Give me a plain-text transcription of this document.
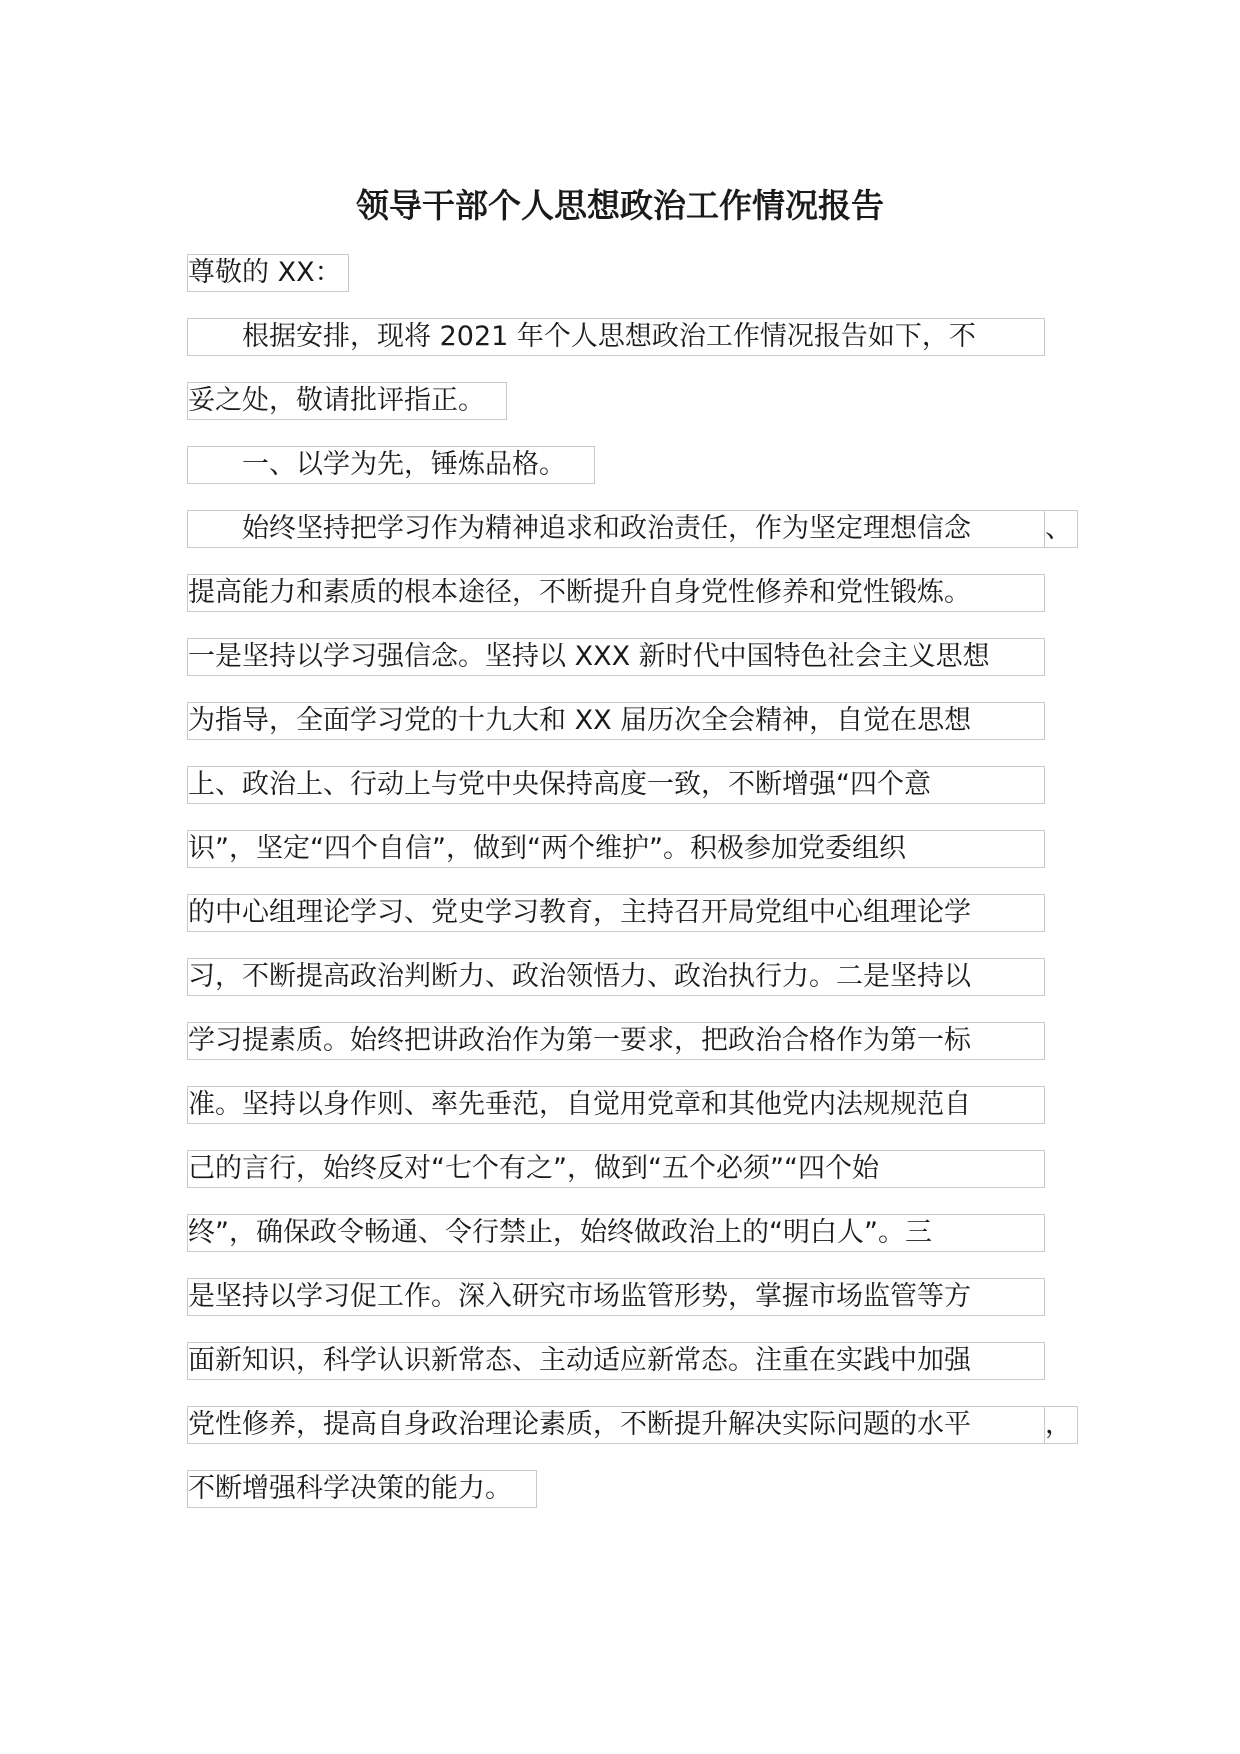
领导干部个人思想政治工作情况报告
尊敬的 XX：
　　根据安排，现将 2021 年个人思想政治工作情况报告如下，不
妥之处，敬请批评指正。
　　一、以学为先，锤炼品格。
　　始终坚持把学习作为精神追求和政治责任，作为坚定理想信念	、
提高能力和素质的根本途径，不断提升自身党性修养和党性锻炼。
一是坚持以学习强信念。坚持以 XXX 新时代中国特色社会主义思想
为指导，全面学习党的十九大和 XX 届历次全会精神，自觉在思想
上、政治上、行动上与党中央保持高度一致，不断增强“四个意
识”，坚定“四个自信”，做到“两个维护”。积极参加党委组织
的中心组理论学习、党史学习教育，主持召开局党组中心组理论学
习，不断提高政治判断力、政治领悟力、政治执行力。二是坚持以
学习提素质。始终把讲政治作为第一要求，把政治合格作为第一标
准。坚持以身作则、率先垂范，自觉用党章和其他党内法规规范自
己的言行，始终反对“七个有之”，做到“五个必须”“四个始
终”，确保政令畅通、令行禁止，始终做政治上的“明白人”。三
是坚持以学习促工作。深入研究市场监管形势，掌握市场监管等方
面新知识，科学认识新常态、主动适应新常态。注重在实践中加强
党性修养，提高自身政治理论素质，不断提升解决实际问题的水平	，
不断增强科学决策的能力。
